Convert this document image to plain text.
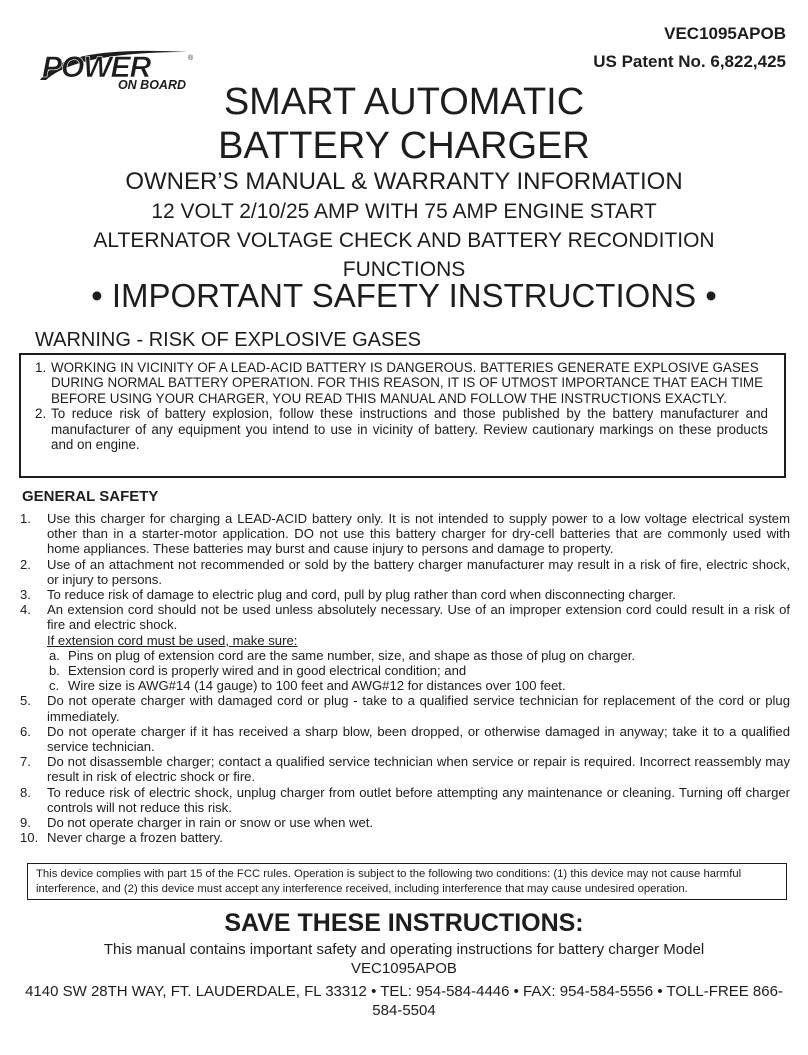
POWER	®
ON BOARD
VEC1095APOB
US Patent No. 6,822,425
SMART AUTOMATIC
BATTERY CHARGER
OWNER’S MANUAL & WARRANTY INFORMATION
12 VOLT 2/10/25 AMP WITH 75 AMP ENGINE START
ALTERNATOR VOLTAGE CHECK AND BATTERY RECONDITION
FUNCTIONS
• IMPORTANT SAFETY INSTRUCTIONS •
WARNING - RISK OF EXPLOSIVE GASES
1. WORKING IN VICINITY OF A LEAD-ACID BATTERY IS DANGEROUS. BATTERIES GENERATE EXPLOSIVE GASES DURING NORMAL BATTERY OPERATION. FOR THIS REASON, IT IS OF UTMOST IMPORTANCE THAT EACH TIME BEFORE USING YOUR CHARGER, YOU READ THIS MANUAL AND FOLLOW THE INSTRUCTIONS EXACTLY.
2. To reduce risk of battery explosion, follow these instructions and those published by the battery manufacturer and manufacturer of any equipment you intend to use in vicinity of battery. Review cautionary markings on these products and on engine.
GENERAL SAFETY
1.	Use this charger for charging a LEAD-ACID battery only. It is not intended to supply power to a low voltage electrical system other than in a starter-motor application. DO not use this battery charger for dry-cell batteries that are commonly used with home appliances. These batteries may burst and cause injury to persons and damage to property.
2.	Use of an attachment not recommended or sold by the battery charger manufacturer may result in a risk of fire, electric shock, or injury to persons.
3.	To reduce risk of damage to electric plug and cord, pull by plug rather than cord when disconnecting charger.
4.	An extension cord should not be used unless absolutely necessary. Use of an improper extension cord could result in a risk of fire and electric shock.
If extension cord must be used, make sure:
a. Pins on plug of extension cord are the same number, size, and shape as those of plug on charger.
b. Extension cord is properly wired and in good electrical condition; and
c. Wire size is AWG#14 (14 gauge) to 100 feet and AWG#12 for distances over 100 feet.
5.	Do not operate charger with damaged cord or plug - take to a qualified service technician for replacement of the cord or plug immediately.
6.	Do not operate charger if it has received a sharp blow, been dropped, or otherwise damaged in anyway; take it to a qualified service technician.
7.	Do not disassemble charger; contact a qualified service technician when service or repair is required. Incorrect reassembly may result in risk of electric shock or fire.
8.	To reduce risk of electric shock, unplug charger from outlet before attempting any maintenance or cleaning. Turning off charger controls will not reduce this risk.
9.	Do not operate charger in rain or snow or use when wet.
10. Never charge a frozen battery.
This device complies with part 15 of the FCC rules. Operation is subject to the following two conditions: (1) this device may not cause harmful interference, and (2) this device must accept any interference received, including interference that may cause undesired operation.
SAVE THESE INSTRUCTIONS:
This manual contains important safety and operating instructions for battery charger Model VEC1095APOB
4140 SW 28TH WAY, FT. LAUDERDALE, FL 33312 • TEL: 954-584-4446 • FAX: 954-584-5556 • TOLL-FREE 866-584-5504
